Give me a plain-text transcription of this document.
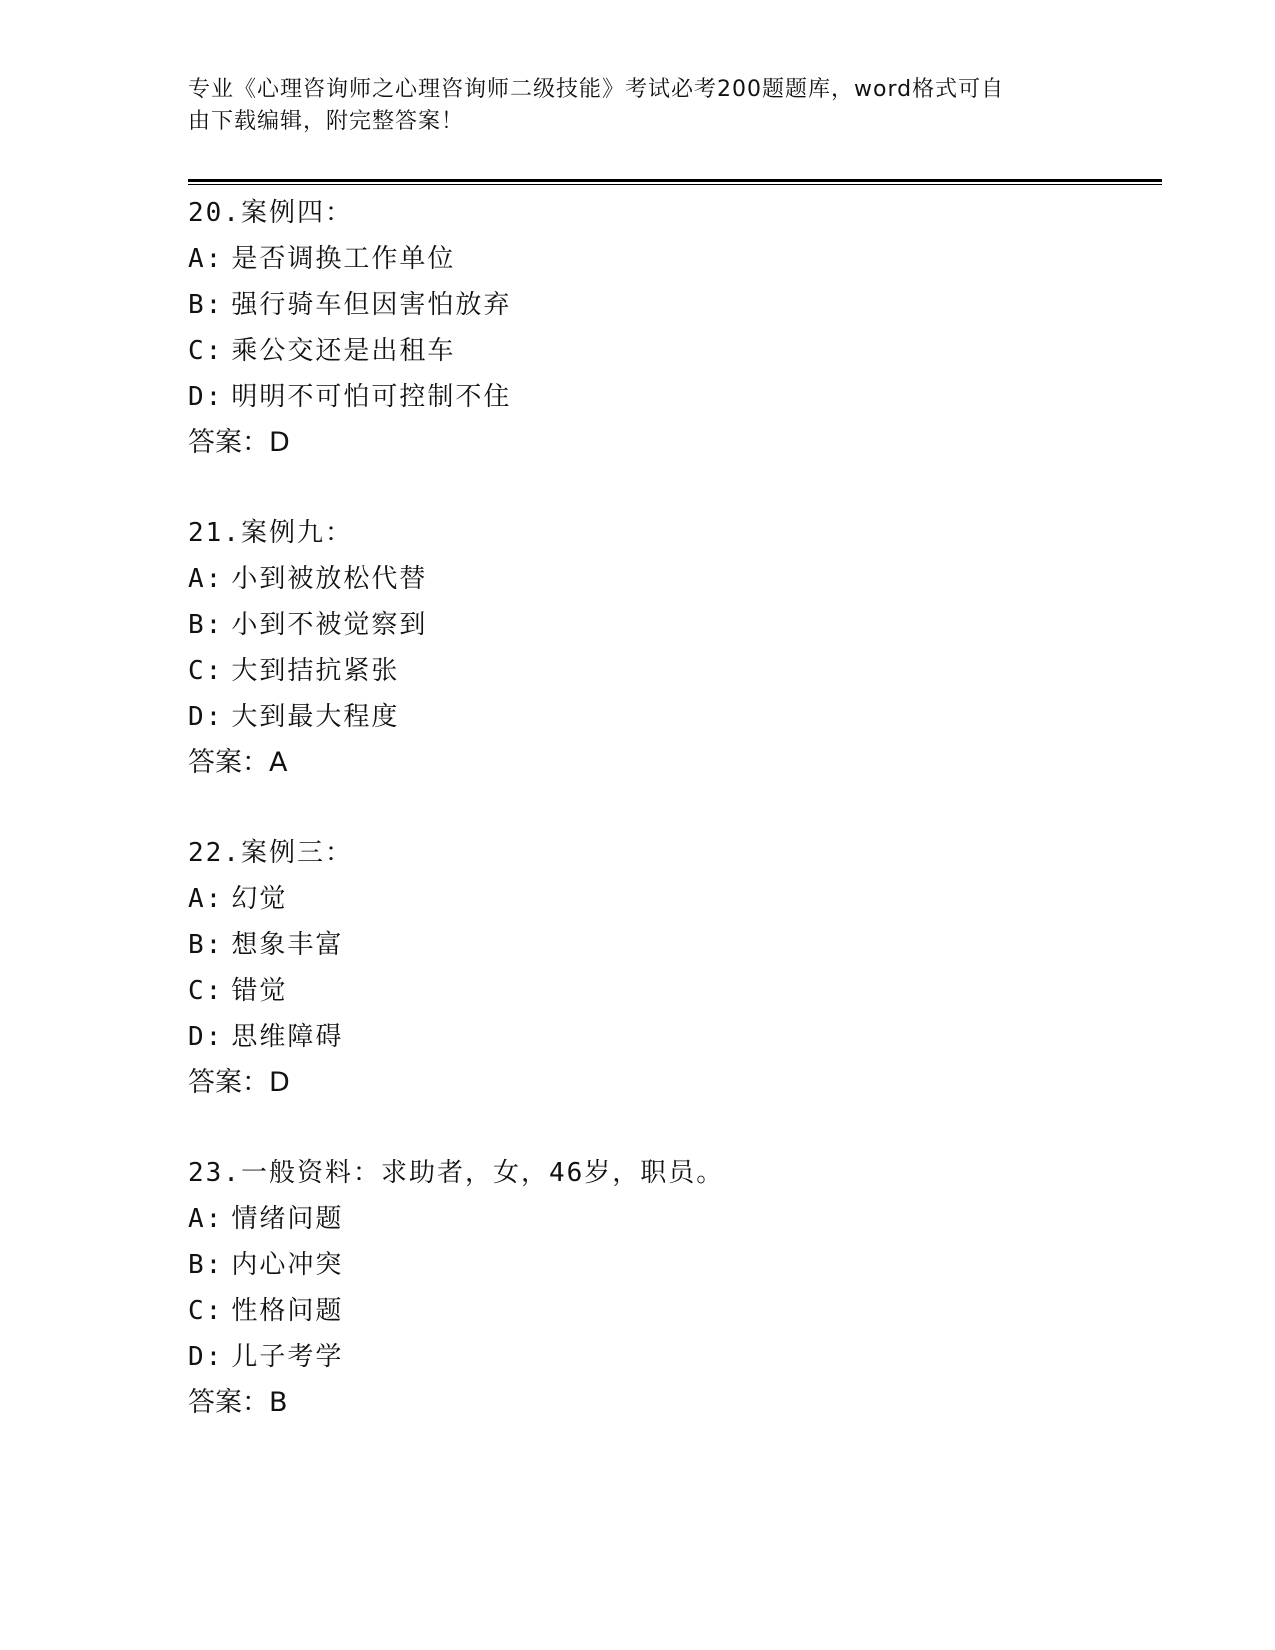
专业《心理咨询师之心理咨询师二级技能》考试必考200题题库，word格式可自
由下载编辑，附完整答案！
20.案例四：
A: 是否调换工作单位
B: 强行骑车但因害怕放弃
C: 乘公交还是出租车
D: 明明不可怕可控制不住
答案：D
21.案例九：
A: 小到被放松代替
B: 小到不被觉察到
C: 大到拮抗紧张
D: 大到最大程度
答案：A
22.案例三：
A: 幻觉
B: 想象丰富
C: 错觉
D: 思维障碍
答案：D
23.一般资料：求助者，女，46岁，职员。
A: 情绪问题
B: 内心冲突
C: 性格问题
D: 儿子考学
答案：B
